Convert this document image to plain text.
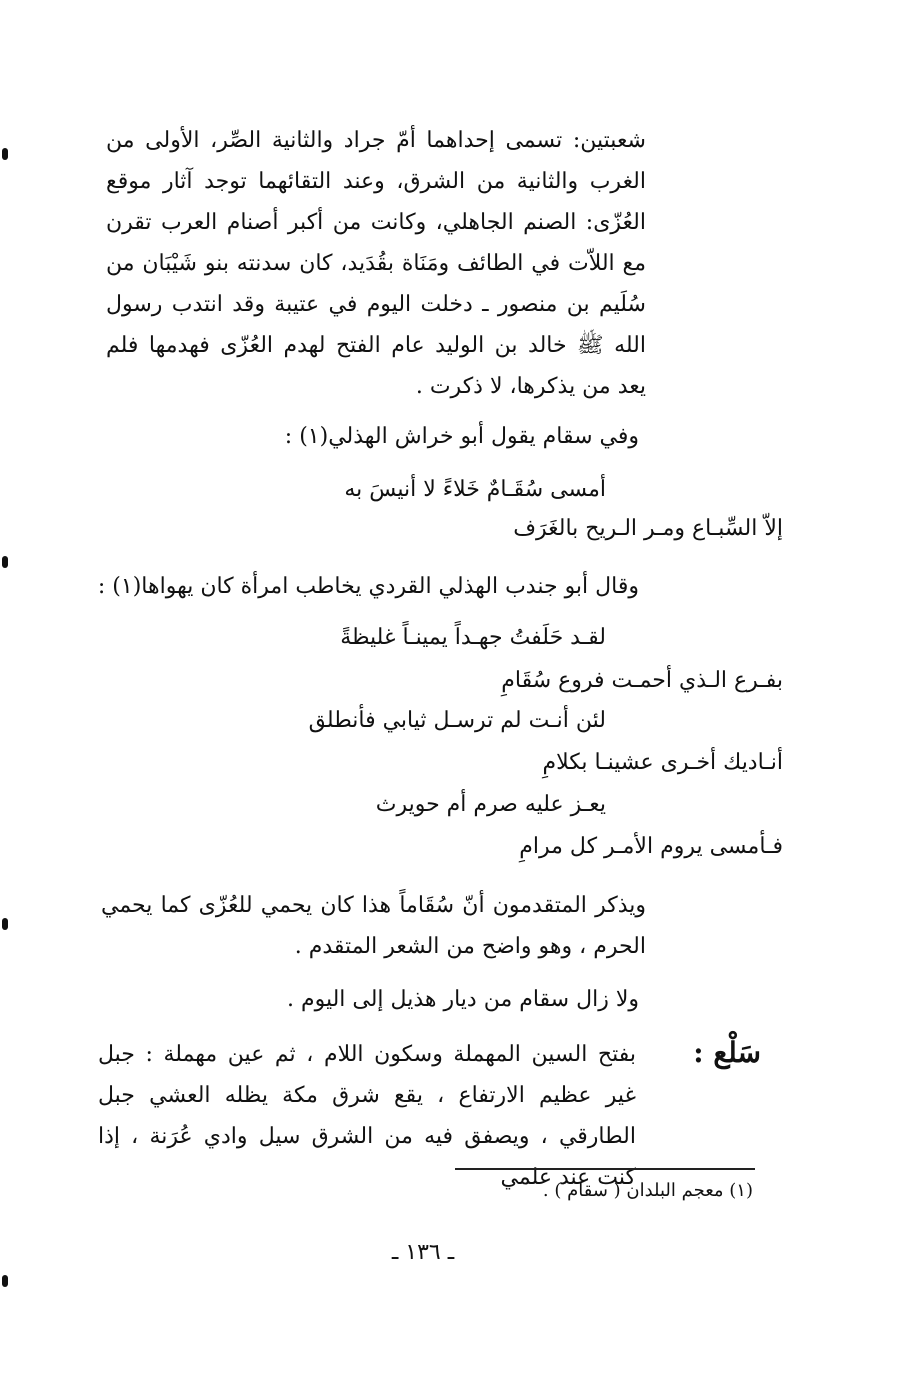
شعبتين: تسمى إحداهما أمّ جراد والثانية الصِّر، الأولى من الغرب والثانية من الشرق، وعند التقائهما توجد آثار موقع العُزّى: الصنم الجاهلي، وكانت من أكبر أصنام العرب تقرن مع اللاّت في الطائف ومَنَاة بقُدَيد، كان سدنته بنو شَيْبَان من سُلَيم بن منصور ـ دخلت اليوم في عتيبة وقد انتدب رسول الله ﷺ خالد بن الوليد عام الفتح لهدم العُزّى فهدمها فلم يعد من يذكرها، لا ذكرت .
وفي سقام يقول أبو خراش الهذلي(١) :
أمسى سُقَـامٌ خَلاءً لا أنيسَ به
إلاّ السِّبـاع ومـر الـريح بالغَرَف
وقال أبو جندب الهذلي القردي يخاطب امرأة كان يهواها(١) :
لقـد حَلَفتُ جهـداً يمينـاً غليظةً
بفـرع الـذي أحمـت فروع سُقَامِ
لئن أنـت لم ترسـل ثيابي فأنطلق
أنـاديك أخـرى عشينـا بكلامِ
يعـز عليه صرم أم حويرث
فـأمسى يروم الأمـر كل مرامِ
ويذكر المتقدمون أنّ سُقَاماً هذا كان يحمي للعُزّى كما يحمي الحرم ، وهو واضح من الشعر المتقدم .
ولا زال سقام من ديار هذيل إلى اليوم .
سَلْع :
بفتح السين المهملة وسكون اللام ، ثم عين مهملة : جبل غير عظيم الارتفاع ، يقع شرق مكة يظله العشي جبل الطارقي ، ويصفق فيه من الشرق سيل وادي عُرَنة ، إذا كنت عند علمي
(١) معجم البلدان ( سقام ) .
ـ ١٣٦ ـ
